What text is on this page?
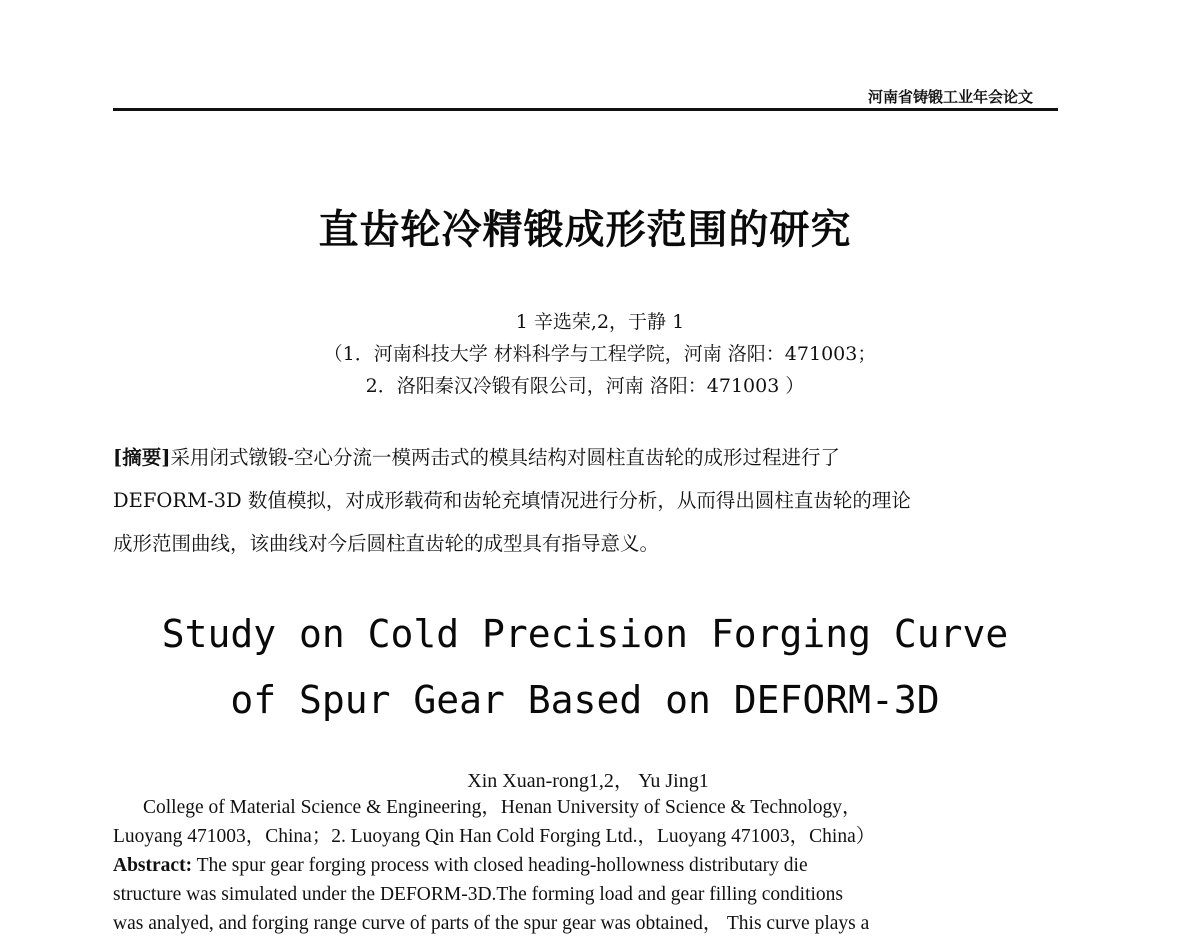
河南省铸锻工业年会论文
直齿轮冷精锻成形范围的研究
1 辛选荣,2，于静 1
（1．河南科技大学 材料科学与工程学院，河南 洛阳：471003；
2．洛阳秦汉冷锻有限公司，河南 洛阳：471003 ）
[摘要]采用闭式镦锻-空心分流一模两击式的模具结构对圆柱直齿轮的成形过程进行了
DEFORM-3D 数值模拟，对成形载荷和齿轮充填情况进行分析，从而得出圆柱直齿轮的理论
成形范围曲线，该曲线对今后圆柱直齿轮的成型具有指导意义。
Study on Cold Precision Forging Curve
of Spur Gear Based on DEFORM-3D
Xin Xuan-rong1,2， Yu Jing1
College of Material Science & Engineering，Henan University of Science & Technology，
Luoyang 471003，China；2. Luoyang Qin Han Cold Forging Ltd.，Luoyang 471003，China）
Abstract: The spur gear forging process with closed heading-hollowness distributary die
structure was simulated under the DEFORM-3D.The forming load and gear filling conditions
was analyed, and forging range curve of parts of the spur gear was obtained， This curve plays a
